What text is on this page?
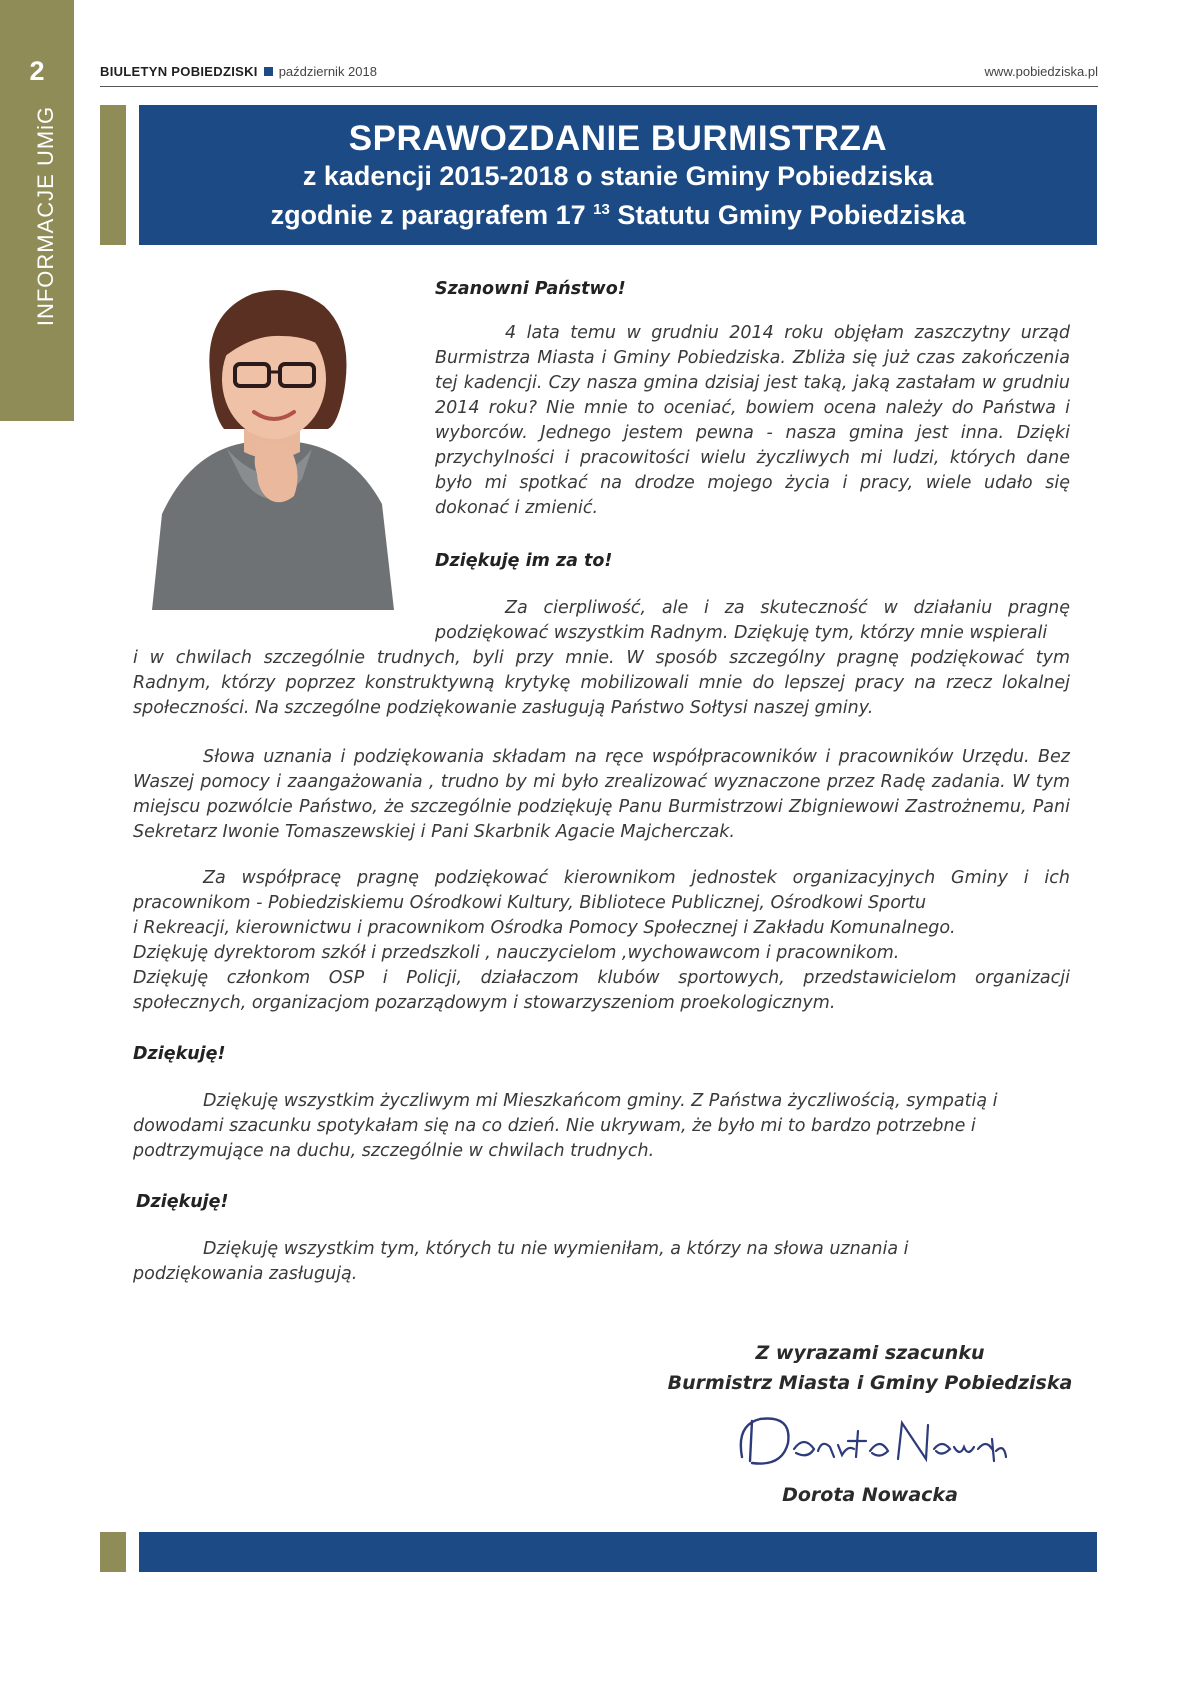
2
INFORMACJE UMiG
BIULETYN POBIEDZISKI październik 2018	www.pobiedziska.pl
SPRAWOZDANIE BURMISTRZA
z kadencji 2015-2018 o stanie Gminy Pobiedziska
zgodnie z paragrafem 17 $^{13}$ Statutu Gminy Pobiedziska
Szanowni Państwo!

4 lata temu w grudniu 2014 roku objęłam zaszczytny urząd Burmistrza Miasta i Gminy Pobiedziska. Zbliża się już czas zakończenia tej kadencji. Czy nasza gmina dzisiaj jest taką, jaką zastałam w grudniu 2014 roku? Nie mnie to oceniać, bowiem ocena należy do Państwa i wyborców. Jednego jestem pewna - nasza gmina jest inna. Dzięki przychylności i pracowitości wielu życzliwych mi ludzi, których dane było mi spotkać na drodze mojego życia i pracy, wiele udało się dokonać i zmienić.

Dziękuję im za to!

Za cierpliwość, ale i za skuteczność w działaniu pragnę podziękować wszystkim Radnym. Dziękuję tym, którzy mnie wspierali

i w chwilach szczególnie trudnych, byli przy mnie. W sposób szczególny pragnę podziękować tym Radnym, którzy poprzez konstruktywną krytykę mobilizowali mnie do lepszej pracy na rzecz lokalnej społeczności. Na szczególne podziękowanie zasługują Państwo Sołtysi naszej gminy.

Słowa uznania i podziękowania składam na ręce współpracowników i pracowników Urzędu. Bez Waszej pomocy i zaangażowania , trudno by mi było zrealizować wyznaczone przez Radę zadania. W tym miejscu pozwólcie Państwo, że szczególnie podziękuję Panu Burmistrzowi Zbigniewowi Zastrożnemu, Pani Sekretarz Iwonie Tomaszewskiej i Pani Skarbnik Agacie Majcherczak.

Za współpracę pragnę podziękować kierownikom jednostek organizacyjnych Gminy i ich pracownikom - Pobiedziskiemu Ośrodkowi Kultury, Bibliotece Publicznej, Ośrodkowi Sportu

i Rekreacji, kierownictwu i pracownikom Ośrodka Pomocy Społecznej i Zakładu Komunalnego.

Dziękuję dyrektorom szkół i przedszkoli , nauczycielom ,wychowawcom i pracownikom.

Dziękuję członkom OSP i Policji, działaczom klubów sportowych, przedstawicielom organizacji społecznych, organizacjom pozarządowym i stowarzyszeniom proekologicznym.

Dziękuję!

Dziękuję wszystkim życzliwym mi Mieszkańcom gminy. Z Państwa życzliwością, sympatią i dowodami szacunku spotykałam się na co dzień. Nie ukrywam, że było mi to bardzo potrzebne i podtrzymujące na duchu, szczególnie w chwilach trudnych.

Dziękuję!

Dziękuję wszystkim tym, których tu nie wymieniłam, a którzy na słowa uznania i podziękowania zasługują.

Z wyrazami szacunku
Burmistrz Miasta i Gminy Pobiedziska
Dorota Nowacka
